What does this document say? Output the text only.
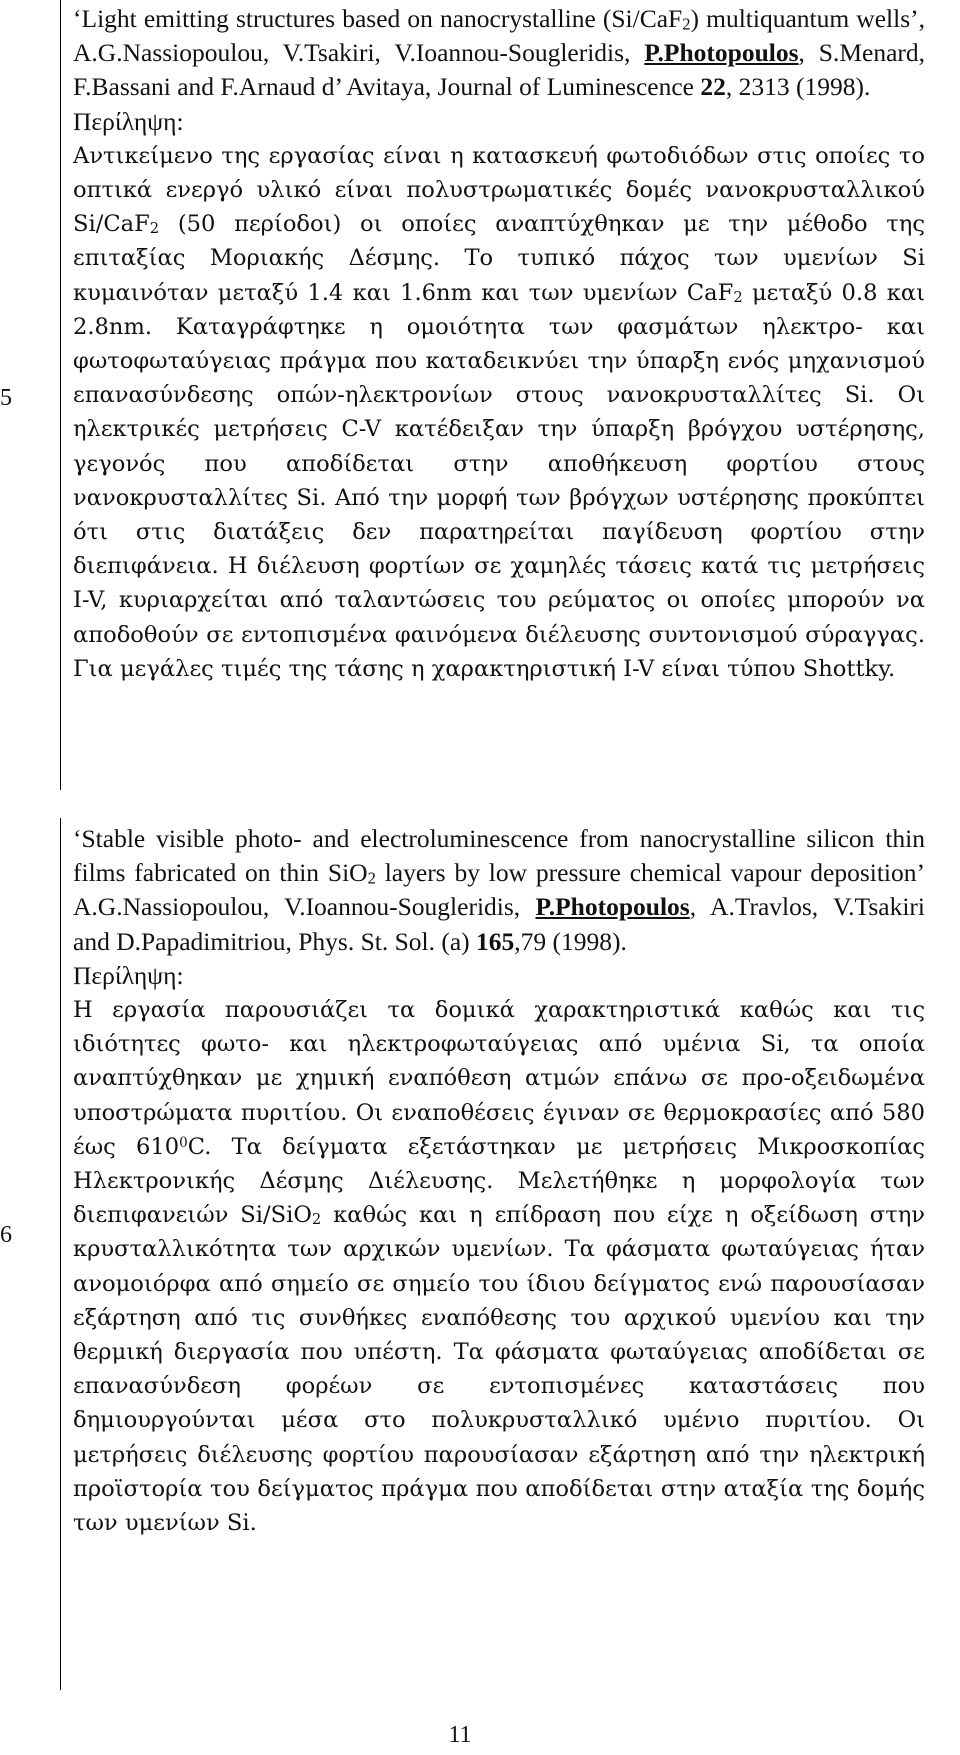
5

‘Light emitting structures based on nanocrystalline (Si/CaF$_2$) multiquantum wells’, A.G.Nassiopoulou, V.Tsakiri, V.Ioannou-Sougleridis, P.Photopoulos, S.Menard, F.Bassani and F.Arnaud d’ Avitaya, Journal of Luminescence 22, 2313 (1998).

Περίληψη:

Αντικείμενο της εργασίας είναι η κατασκευή φωτοδιόδων στις οποίες το οπτικά ενεργό υλικό είναι πολυστρωματικές δομές νανοκρυσταλλικού Si/CaF$_2$ (50 περίοδοι) οι οποίες αναπτύχθηκαν με την μέθοδο της επιταξίας Μοριακής Δέσμης. Το τυπικό πάχος των υμενίων Si κυμαινόταν μεταξύ 1.4 και 1.6nm και των υμενίων CaF$_2$ μεταξύ 0.8 και 2.8nm. Καταγράφτηκε η ομοιότητα των φασμάτων ηλεκτρο- και φωτοφωταύγειας πράγμα που καταδεικνύει την ύπαρξη ενός μηχανισμού επανασύνδεσης οπών-ηλεκτρονίων στους νανοκρυσταλλίτες Si. Οι ηλεκτρικές μετρήσεις C-V κατέδειξαν την ύπαρξη βρόγχου υστέρησης, γεγονός που αποδίδεται στην αποθήκευση φορτίου στους νανοκρυσταλλίτες Si. Από την μορφή των βρόγχων υστέρησης προκύπτει ότι στις διατάξεις δεν παρατηρείται παγίδευση φορτίου στην διεπιφάνεια. Η διέλευση φορτίων σε χαμηλές τάσεις κατά τις μετρήσεις I-V, κυριαρχείται από ταλαντώσεις του ρεύματος οι οποίες μπορούν να αποδοθούν σε εντοπισμένα φαινόμενα διέλευσης συντονισμού σύραγγας. Για μεγάλες τιμές της τάσης η χαρακτηριστική I-V είναι τύπου Shottky.

6

‘Stable visible photo- and electroluminescence from nanocrystalline silicon thin films fabricated on thin SiO$_2$ layers by low pressure chemical vapour deposition’ A.G.Nassiopoulou, V.Ioannou-Sougleridis, P.Photopoulos, A.Travlos, V.Tsakiri and D.Papadimitriou, Phys. St. Sol. (a) 165,79 (1998).

Περίληψη:

Η εργασία παρουσιάζει τα δομικά χαρακτηριστικά καθώς και τις ιδιότητες φωτο- και ηλεκτροφωταύγειας από υμένια Si, τα οποία αναπτύχθηκαν με χημική εναπόθεση ατμών επάνω σε προ-οξειδωμένα υποστρώματα πυριτίου. Οι εναποθέσεις έγιναν σε θερμοκρασίες από 580 έως $610^0C$. Τα δείγματα εξετάστηκαν με μετρήσεις Μικροσκοπίας Ηλεκτρονικής Δέσμης Διέλευσης. Μελετήθηκε η μορφολογία των διεπιφανειών Si/SiO$_2$ καθώς και η επίδραση που είχε η οξείδωση στην κρυσταλλικότητα των αρχικών υμενίων. Τα φάσματα φωταύγειας ήταν ανομοιόρφα από σημείο σε σημείο του ίδιου δείγματος ενώ παρουσίασαν εξάρτηση από τις συνθήκες εναπόθεσης του αρχικού υμενίου και την θερμική διεργασία που υπέστη. Τα φάσματα φωταύγειας αποδίδεται σε επανασύνδεση φορέων σε εντοπισμένες καταστάσεις που δημιουργούνται μέσα στο πολυκρυσταλλικό υμένιο πυριτίου. Οι μετρήσεις διέλευσης φορτίου παρουσίασαν εξάρτηση από την ηλεκτρική προϊστορία του δείγματος πράγμα που αποδίδεται στην αταξία της δομής των υμενίων Si.

11
